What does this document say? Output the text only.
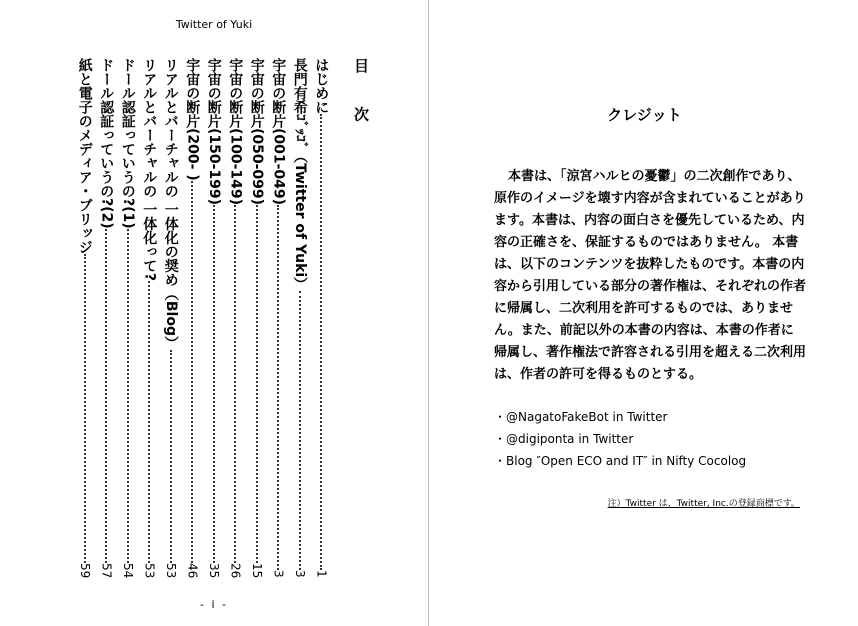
Twitter of Yuki
目 次
はじめに
1
長門有希ｺﾞｯｺﾞ（Twitter of Yuki）
3
宇宙の断片(001-049)
3
宇宙の断片(050-099)
15
宇宙の断片(100-149)
26
宇宙の断片(150-199)
35
宇宙の断片(200- )
46
リアルとバーチャルの 一体化の奨め（Blog）
53
リアルとバーチャルの 一体化って?
53
ドール認証っていうの?(1)
54
ドール認証っていうの?(2)
57
紙と電子のメディア・ブリッジ
59
- i -
クレジット

本書は、「涼宮ハルヒの憂鬱」の二次創作であり、原作のイメージを壊す内容が含まれていることがあります。本書は、内容の面白さを優先しているため、内容の正確さを、保証するものではありません。 本書は、以下のコンテンツを抜粋したものです。本書の内容から引用している部分の著作権は、それぞれの作者に帰属し、二次利用を許可するものでは、ありません。また、前記以外の本書の内容は、本書の作者に帰属し、著作権法で許容される引用を超える二次利用は、作者の許可を得るものとする。

・@NagatoFakeBot in Twitter
・@digiponta in Twitter
・Blog ″Open ECO and IT″ in Nifty Cocolog
注）Twitter は、Twitter, Inc.の登録商標です。
